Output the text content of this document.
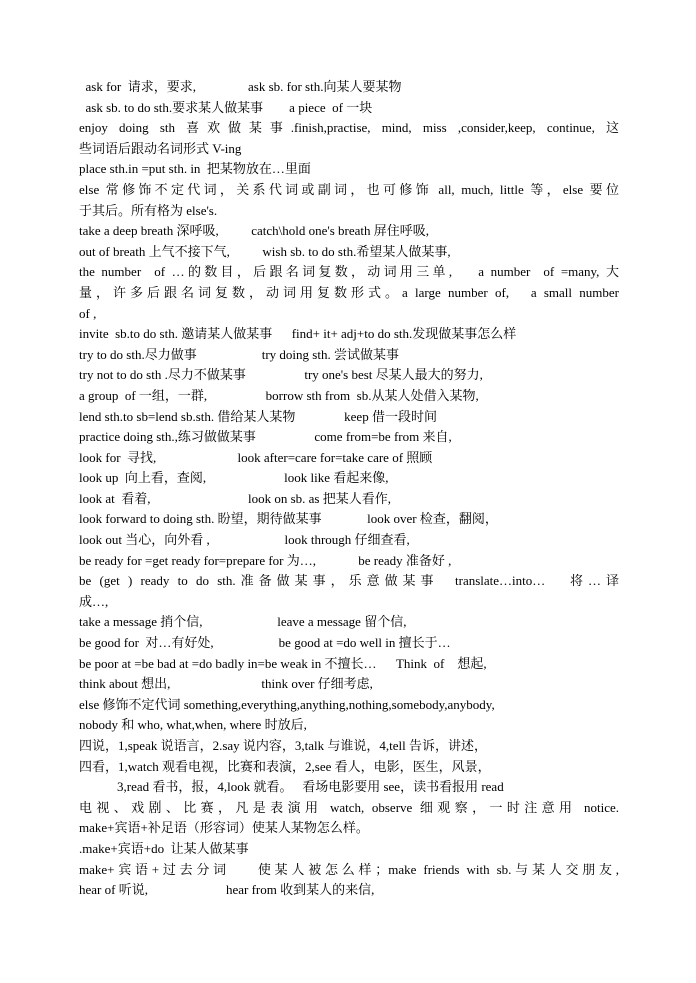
ask for  请求，要求,                ask sb. for sth.向某人要某物
ask sb. to do sth.要求某人做某事        a piece  of 一块
enjoy doing sth 喜欢做某事.finish,practise, mind, miss ,consider,keep, continue, 这
些词语后跟动名词形式 V-ing
place sth.in =put sth. in  把某物放在…里面
else 常修饰不定代词，关系代词或副词，也可修饰 all, much, little 等，else 要位
于其后。所有格为 else's.
take a deep breath 深呼吸,          catch\hold one's breath 屏住呼吸,
out of breath 上气不接下气,          wish sb. to do sth.希望某人做某事,
the number  of …的数目，后跟名词复数，动词用三单,    a number  of =many, 大
量，许多后跟名词复数，动词用复数形式。a large number of,   a small number
of ,
invite  sb.to do sth. 邀请某人做某事      find+ it+ adj+to do sth.发现做某事怎么样
try to do sth.尽力做事                    try doing sth. 尝试做某事
try not to do sth .尽力不做某事                  try one's best 尽某人最大的努力,
a group  of 一组，一群,                  borrow sth from  sb.从某人处借入某物,
lend sth.to sb=lend sb.sth. 借给某人某物               keep 借一段时间
practice doing sth.,练习做做某事                  come from=be from 来自,
look for  寻找,                         look after=care for=take care of 照顾
look up  向上看，查阅,                        look like 看起来像,
look at  看着,                              look on sb. as 把某人看作,
look forward to doing sth. 盼望，期待做某事              look over 检查，翻阅，
look out 当心，向外看 ,                       look through 仔细查看,
be ready for =get ready for=prepare for 为…,             be ready 准备好 ,
be (get ) ready to do sth.准备做某事，乐意做某事  translate…into…   将…译
成…,
take a message 捎个信,                       leave a message 留个信,
be good for  对…有好处,                    be good at =do well in 擅长于…
be poor at =be bad at =do badly in=be weak in 不擅长…      Think  of    想起,
think about 想出,                            think over 仔细考虑,
else 修饰不定代词 something,everything,anything,nothing,somebody,anybody,
nobody 和 who, what,when, where 时放后,
四说，1,speak 说语言，2.say 说内容，3,talk 与谁说，4,tell 告诉，讲述，
四看，1,watch 观看电视，比赛和表演，2,see 看人，电影，医生，风景，
3,read 看书，报，4,look 就看。   看场电影要用 see，读书看报用 read
电视、戏剧、比赛，凡是表演用 watch, observe 细观察，一时注意用 notice.
make+宾语+补足语（形容词）使某人某物怎么样。
.make+宾语+do  让某人做某事
make+宾语+过去分词    使某人被怎么样；make friends with sb.与某人交朋友,
hear of 听说,                        hear from 收到某人的来信,
